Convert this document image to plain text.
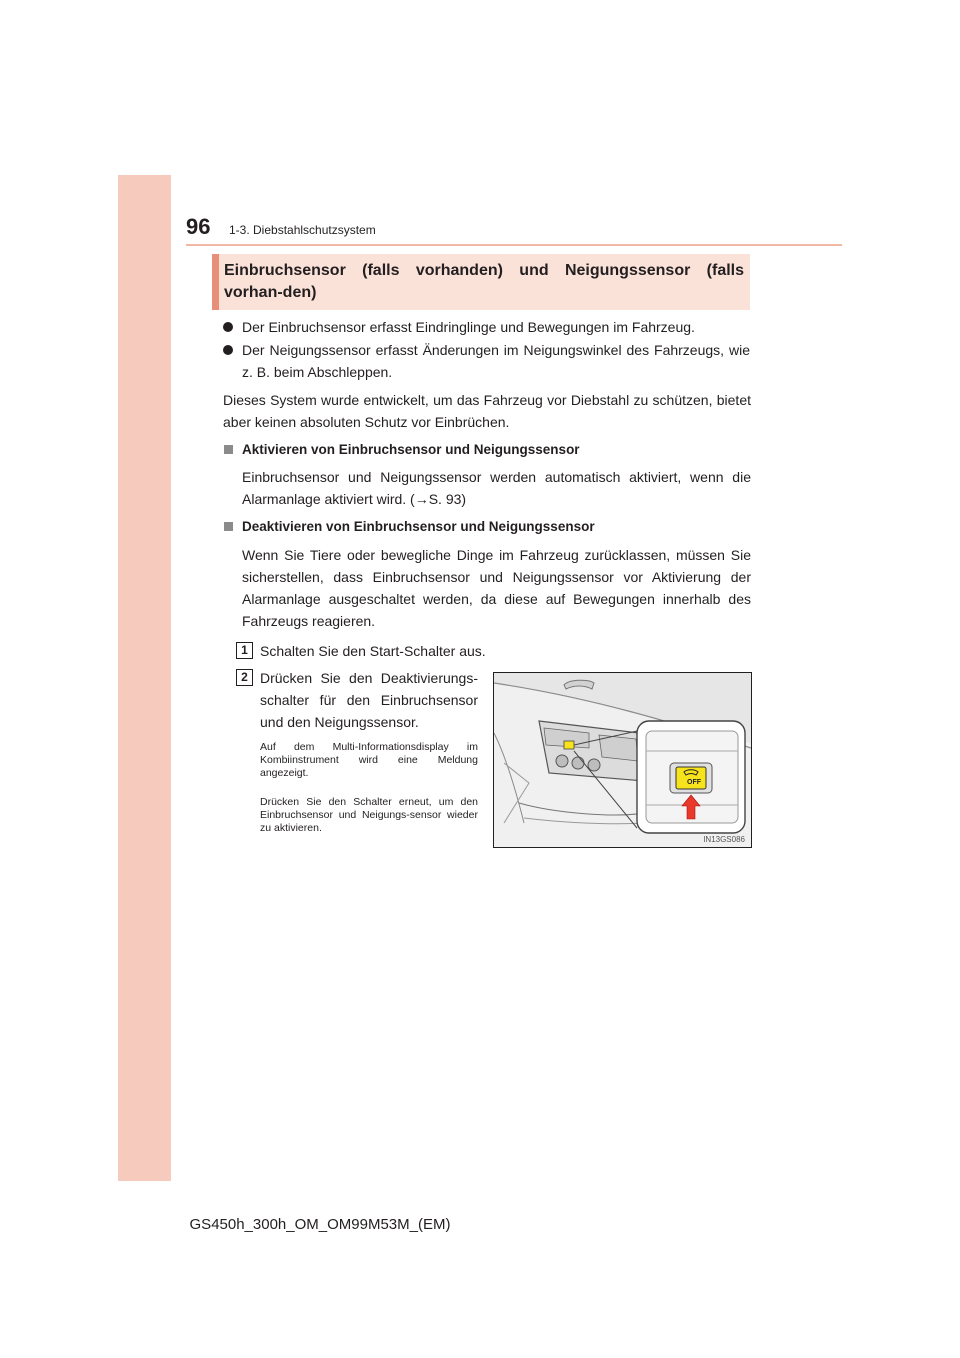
96 1-3. Diebstahlschutzsystem
Einbruchsensor (falls vorhanden) und Neigungssensor (falls vorhan-den)
Der Einbruchsensor erfasst Eindringlinge und Bewegungen im Fahrzeug.
Der Neigungssensor erfasst Änderungen im Neigungswinkel des Fahrzeugs, wie z. B. beim Abschleppen.
Dieses System wurde entwickelt, um das Fahrzeug vor Diebstahl zu schützen, bietet aber keinen absoluten Schutz vor Einbrüchen.
Aktivieren von Einbruchsensor und Neigungssensor
Einbruchsensor und Neigungssensor werden automatisch aktiviert, wenn die Alarmanlage aktiviert wird. (→S. 93)
Deaktivieren von Einbruchsensor und Neigungssensor
Wenn Sie Tiere oder bewegliche Dinge im Fahrzeug zurücklassen, müssen Sie sicherstellen, dass Einbruchsensor und Neigungssensor vor Aktivierung der Alarmanlage ausgeschaltet werden, da diese auf Bewegungen innerhalb des Fahrzeugs reagieren.
1 Schalten Sie den Start-Schalter aus.
2 Drücken Sie den Deaktivierungs-schalter für den Einbruchsensor und den Neigungssensor.
Auf dem Multi-Informationsdisplay im Kombiinstrument wird eine Meldung angezeigt.
Drücken Sie den Schalter erneut, um den Einbruchsensor und Neigungs-sensor wieder zu aktivieren.
OFF
IN13GS086
GS450h_300h_OM_OM99M53M_(EM)
